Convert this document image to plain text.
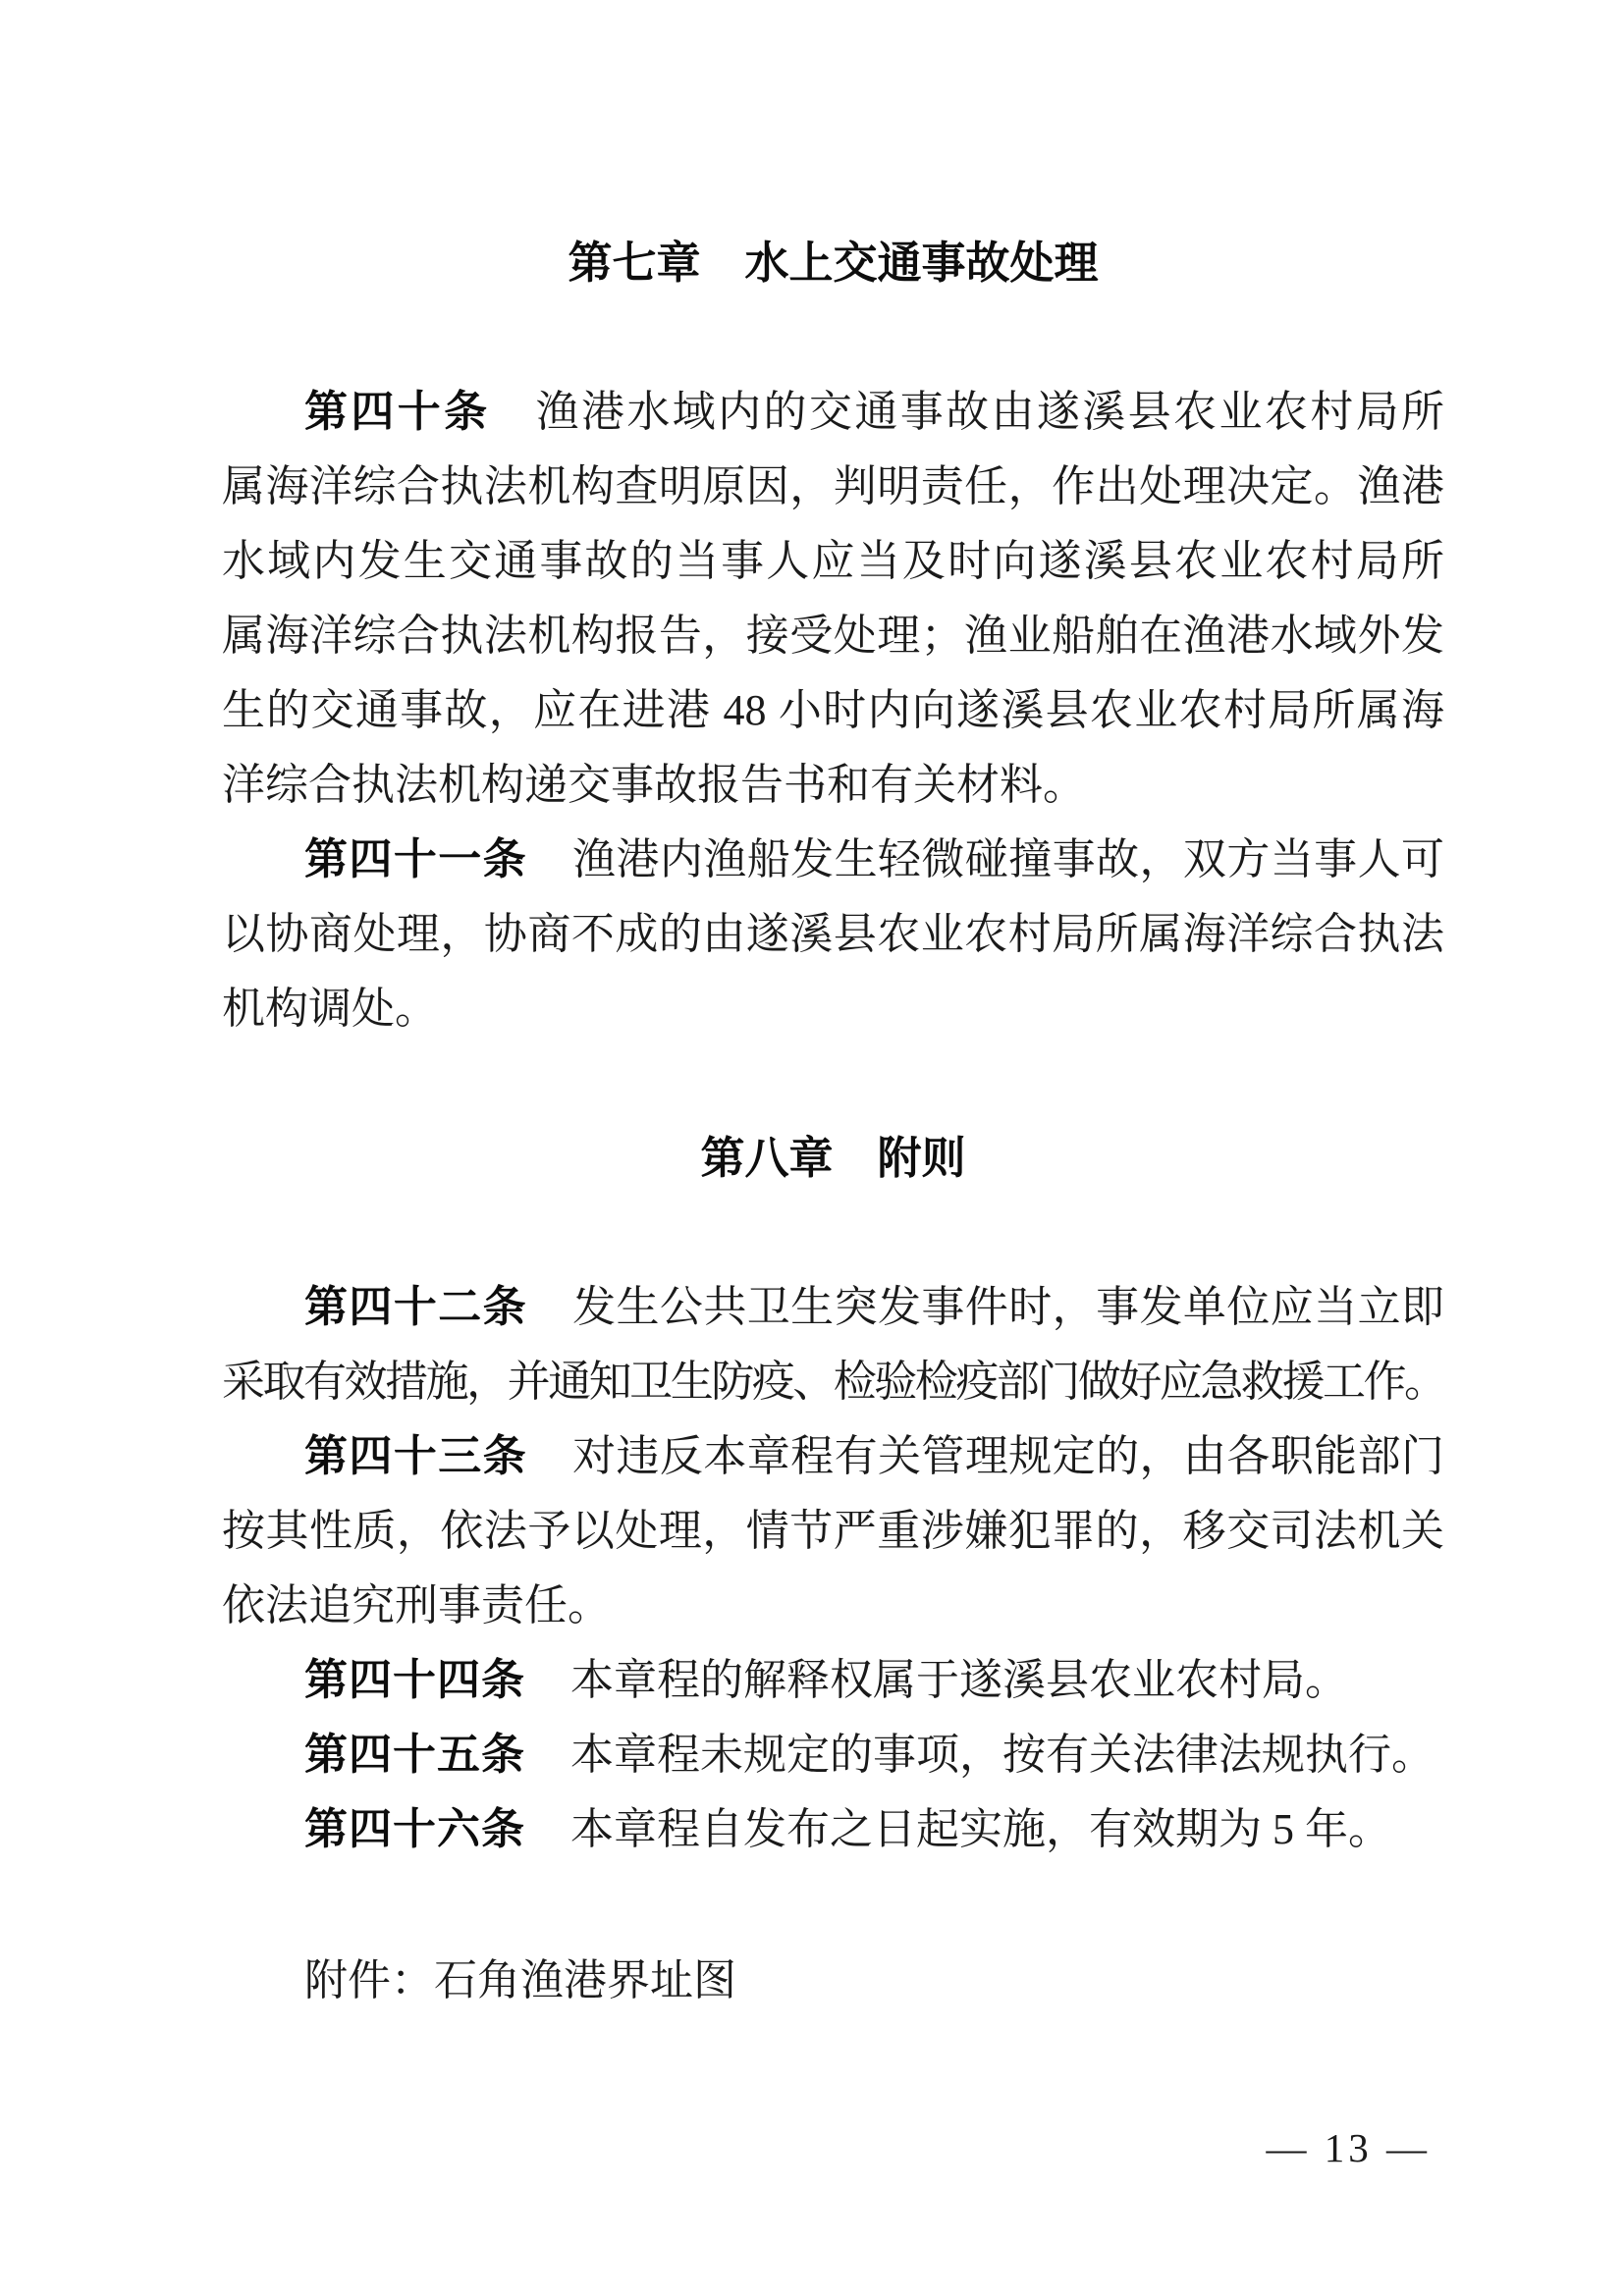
第七章　水上交通事故处理
第四十条 渔港水域内的交通事故由遂溪县农业农村局所
属海洋综合执法机构查明原因，判明责任，作出处理决定。渔港
水域内发生交通事故的当事人应当及时向遂溪县农业农村局所
属海洋综合执法机构报告，接受处理；渔业船舶在渔港水域外发
生的交通事故，应在进港 48 小时内向遂溪县农业农村局所属海
洋综合执法机构递交事故报告书和有关材料。
第四十一条 渔港内渔船发生轻微碰撞事故，双方当事人可
以协商处理，协商不成的由遂溪县农业农村局所属海洋综合执法
机构调处。
第八章　附则
第四十二条 发生公共卫生突发事件时，事发单位应当立即
采取有效措施，并通知卫生防疫、检验检疫部门做好应急救援工作。
第四十三条 对违反本章程有关管理规定的，由各职能部门
按其性质，依法予以处理，情节严重涉嫌犯罪的，移交司法机关
依法追究刑事责任。
第四十四条 本章程的解释权属于遂溪县农业农村局。
第四十五条 本章程未规定的事项，按有关法律法规执行。
第四十六条 本章程自发布之日起实施，有效期为 5 年。
附件：石角渔港界址图
— 13 —
